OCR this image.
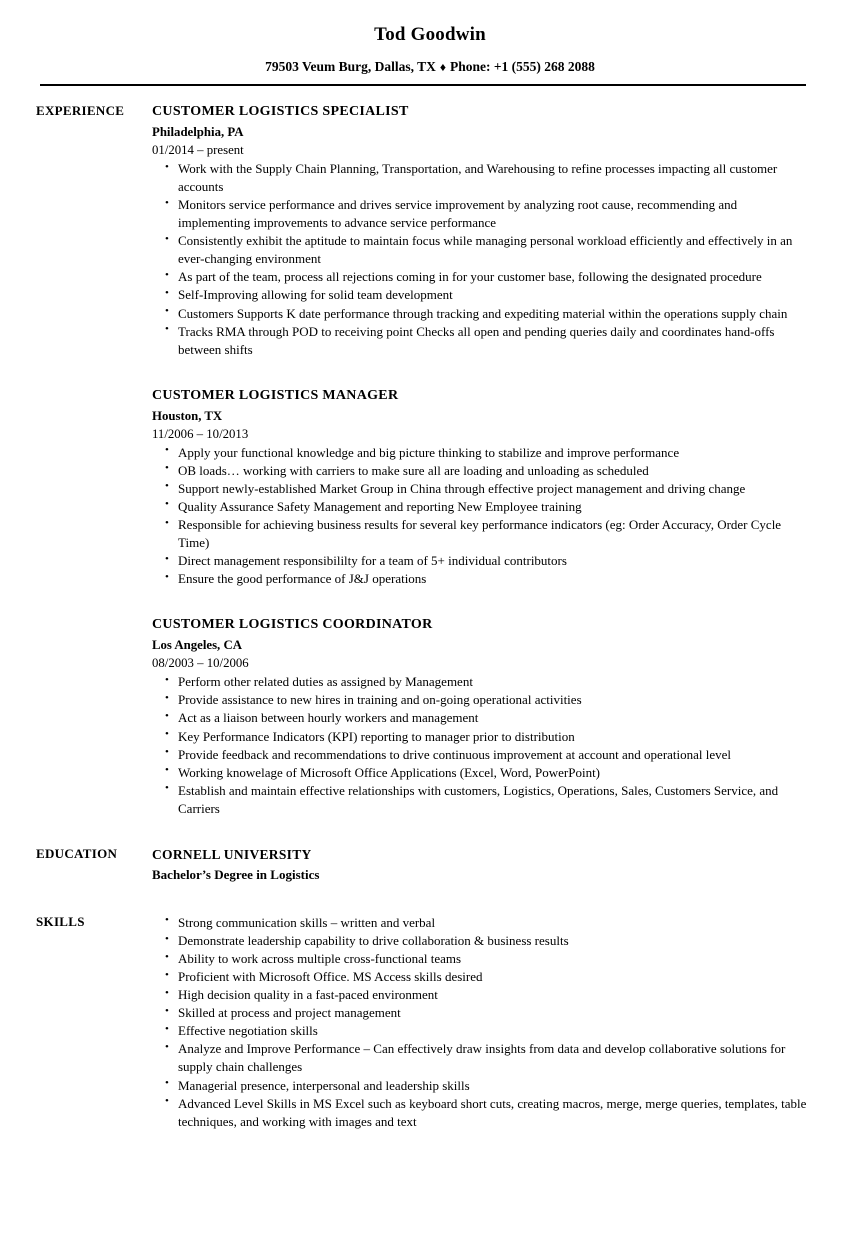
Tod Goodwin

79503 Veum Burg, Dallas, TX ♦ Phone: +1 (555) 268 2088

EXPERIENCE	CUSTOMER LOGISTICS SPECIALIST
Philadelphia, PA
01/2014 – present
• Work with the Supply Chain Planning, Transportation, and Warehousing to refine processes impacting all customer accounts
• Monitors service performance and drives service improvement by analyzing root cause, recommending and implementing improvements to advance service performance
• Consistently exhibit the aptitude to maintain focus while managing personal workload efficiently and effectively in an ever-changing environment
• As part of the team, process all rejections coming in for your customer base, following the designated procedure
• Self-Improving allowing for solid team development
• Customers Supports K date performance through tracking and expediting material within the operations supply chain
• Tracks RMA through POD to receiving point Checks all open and pending queries daily and coordinates hand-offs between shifts
CUSTOMER LOGISTICS MANAGER
Houston, TX
11/2006 – 10/2013
• Apply your functional knowledge and big picture thinking to stabilize and improve performance
• OB loads… working with carriers to make sure all are loading and unloading as scheduled
• Support newly-established Market Group in China through effective project management and driving change
• Quality Assurance Safety Management and reporting New Employee training
• Responsible for achieving business results for several key performance indicators (eg: Order Accuracy, Order Cycle Time)
• Direct management responsibililty for a team of 5+ individual contributors
• Ensure the good performance of J&J operations
CUSTOMER LOGISTICS COORDINATOR
Los Angeles, CA
08/2003 – 10/2006
• Perform other related duties as assigned by Management
• Provide assistance to new hires in training and on-going operational activities
• Act as a liaison between hourly workers and management
• Key Performance Indicators (KPI) reporting to manager prior to distribution
• Provide feedback and recommendations to drive continuous improvement at account and operational level
• Working knowelage of Microsoft Office Applications (Excel, Word, PowerPoint)
• Establish and maintain effective relationships with customers, Logistics, Operations, Sales, Customers Service, and Carriers
EDUCATION	CORNELL UNIVERSITY
Bachelor’s Degree in Logistics
SKILLS	• Strong communication skills – written and verbal
• Demonstrate leadership capability to drive collaboration & business results
• Ability to work across multiple cross-functional teams
• Proficient with Microsoft Office. MS Access skills desired
• High decision quality in a fast-paced environment
• Skilled at process and project management
• Effective negotiation skills
• Analyze and Improve Performance – Can effectively draw insights from data and develop collaborative solutions for supply chain challenges
• Managerial presence, interpersonal and leadership skills
• Advanced Level Skills in MS Excel such as keyboard short cuts, creating macros, merge, merge queries, templates, table techniques, and working with images and text
